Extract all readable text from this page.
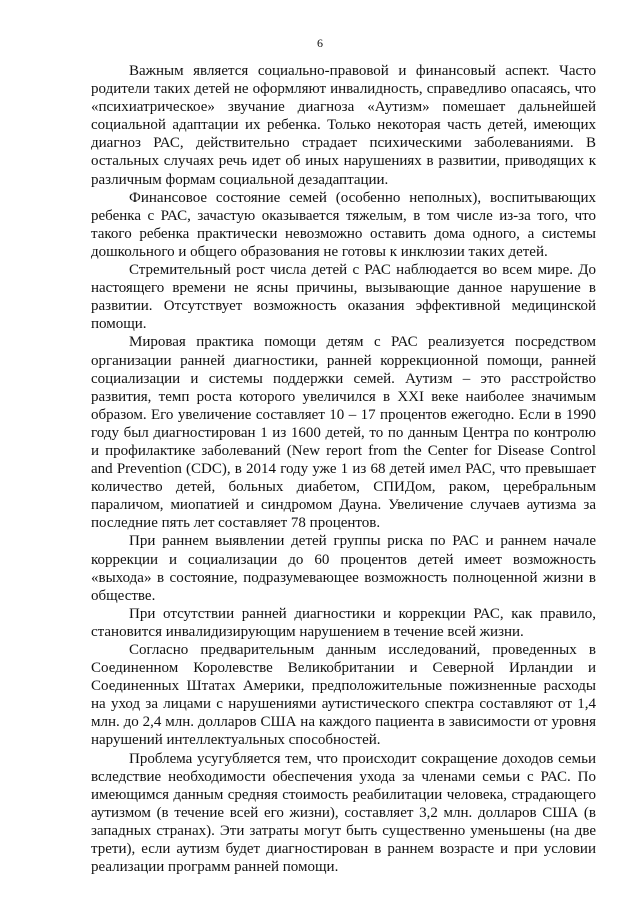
6

Важным является социально-правовой и финансовый аспект. Часто родители таких детей не оформляют инвалидность, справедливо опасаясь, что «психиатрическое» звучание диагноза «Аутизм» помешает дальнейшей социальной адаптации их ребенка. Только некоторая часть детей, имеющих диагноз РАС, действительно страдает психическими заболеваниями. В остальных случаях речь идет об иных нарушениях в развитии, приводящих к различным формам социальной дезадаптации.

Финансовое состояние семей (особенно неполных), воспитывающих ребенка с РАС, зачастую оказывается тяжелым, в том числе из-за того, что такого ребенка практически невозможно оставить дома одного, а системы дошкольного и общего образования не готовы к инклюзии таких детей.

Стремительный рост числа детей с РАС наблюдается во всем мире. До настоящего времени не ясны причины, вызывающие данное нарушение в развитии. Отсутствует возможность оказания эффективной медицинской помощи.

Мировая практика помощи детям с РАС реализуется посредством организации ранней диагностики, ранней коррекционной помощи, ранней социализации и системы поддержки семей. Аутизм – это расстройство развития, темп роста которого увеличился в XXI веке наиболее значимым образом. Его увеличение составляет 10 – 17 процентов ежегодно. Если в 1990 году был диагностирован 1 из 1600 детей, то по данным Центра по контролю и профилактике заболеваний (New report from the Center for Disease Control and Prevention (CDC), в 2014 году уже 1 из 68 детей имел РАС, что превышает количество детей, больных диабетом, СПИДом, раком, церебральным параличом, миопатией и синдромом Дауна. Увеличение случаев аутизма за последние пять лет составляет 78 процентов.

При раннем выявлении детей группы риска по РАС и раннем начале коррекции и социализации до 60 процентов детей имеет возможность «выхода» в состояние, подразумевающее возможность полноценной жизни в обществе.

При отсутствии ранней диагностики и коррекции РАС, как правило, становится инвалидизирующим нарушением в течение всей жизни.

Согласно предварительным данным исследований, проведенных в Соединенном Королевстве Великобритании и Северной Ирландии и Соединенных Штатах Америки, предположительные пожизненные расходы на уход за лицами с нарушениями аутистического спектра составляют от 1,4 млн. до 2,4 млн. долларов США на каждого пациента в зависимости от уровня нарушений интеллектуальных способностей.

Проблема усугубляется тем, что происходит сокращение доходов семьи вследствие необходимости обеспечения ухода за членами семьи с РАС. По имеющимся данным средняя стоимость реабилитации человека, страдающего аутизмом (в течение всей его жизни), составляет 3,2 млн. долларов США (в западных странах). Эти затраты могут быть существенно уменьшены (на две трети), если аутизм будет диагностирован в раннем возрасте и при условии реализации программ ранней помощи.
